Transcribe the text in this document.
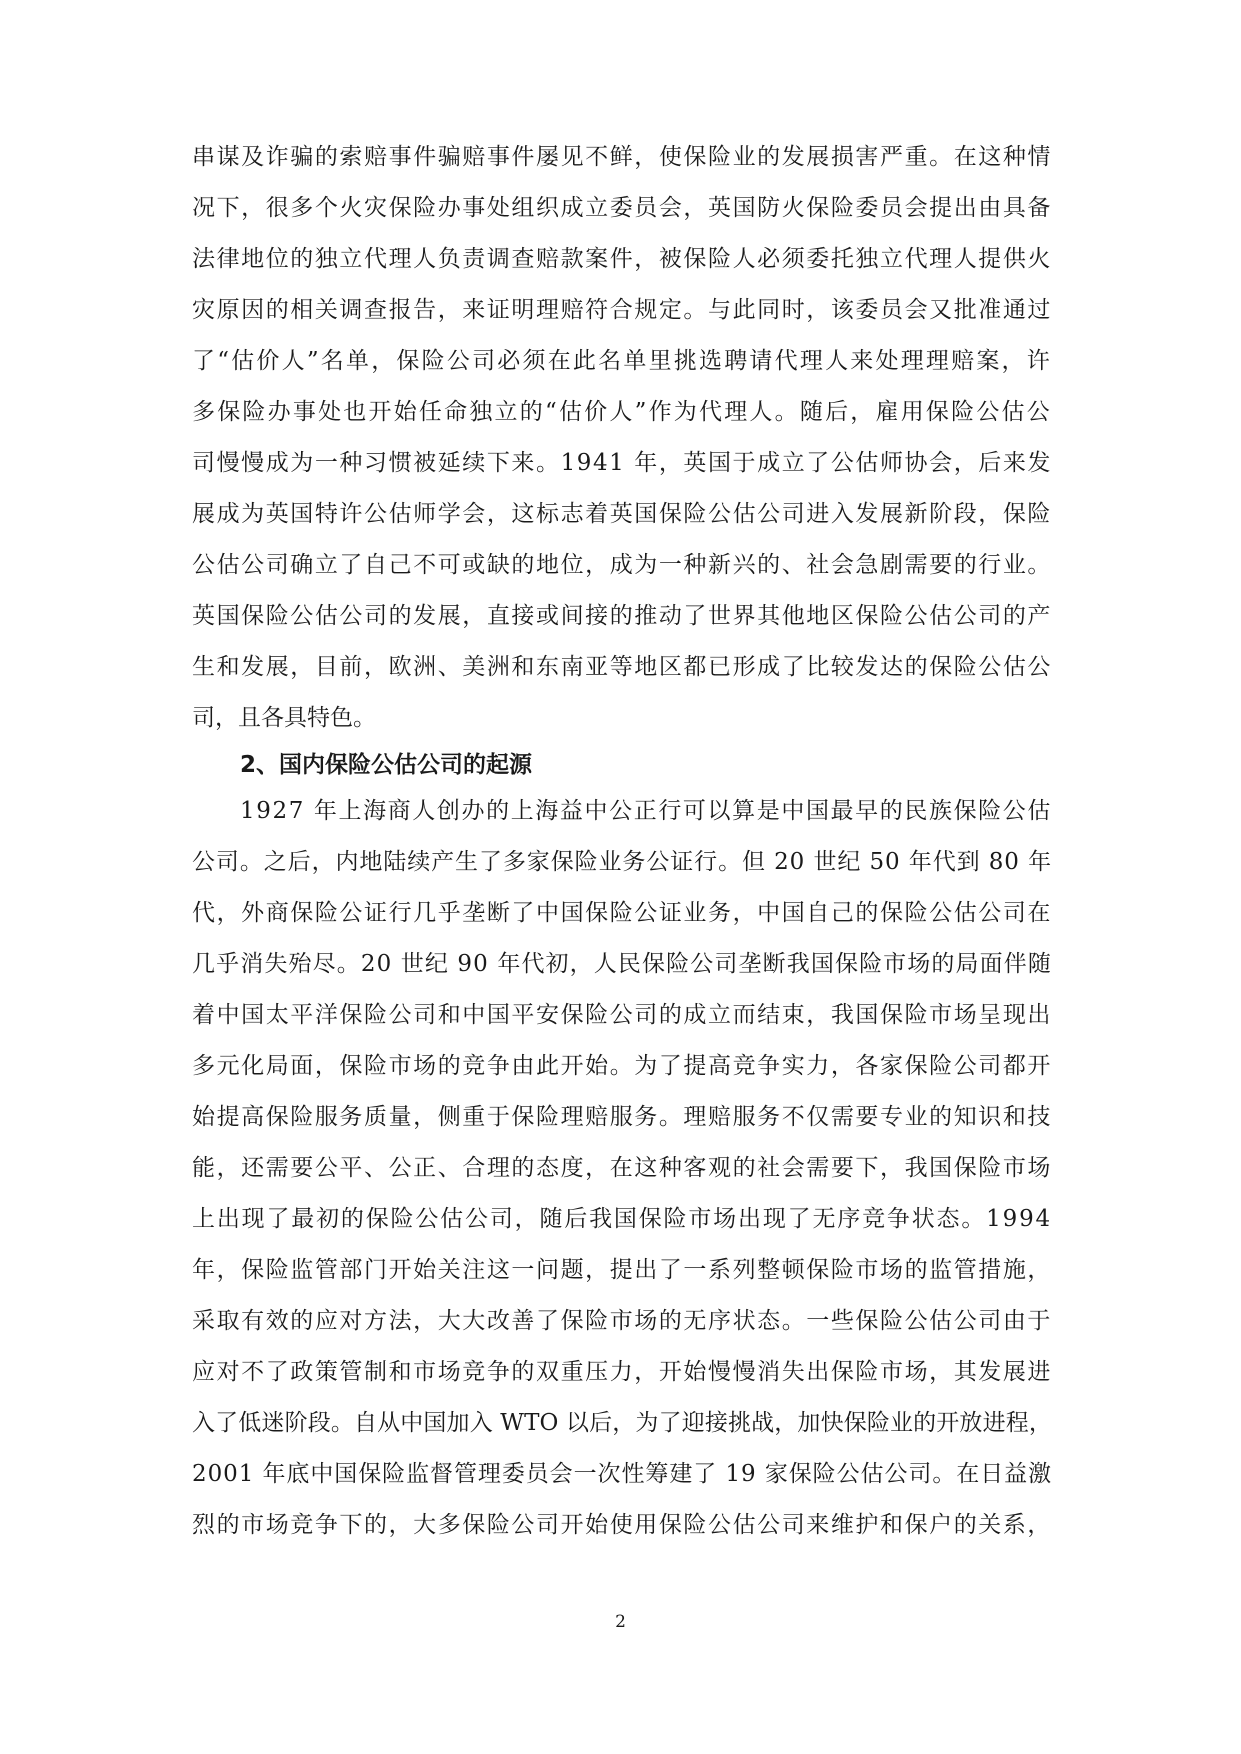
串谋及诈骗的索赔事件骗赔事件屡见不鲜，使保险业的发展损害严重。在这种情
况下，很多个火灾保险办事处组织成立委员会，英国防火保险委员会提出由具备
法律地位的独立代理人负责调查赔款案件，被保险人必须委托独立代理人提供火
灾原因的相关调查报告，来证明理赔符合规定。与此同时，该委员会又批准通过
了“估价人”名单，保险公司必须在此名单里挑选聘请代理人来处理理赔案，许
多保险办事处也开始任命独立的“估价人”作为代理人。随后，雇用保险公估公
司慢慢成为一种习惯被延续下来。1941 年，英国于成立了公估师协会，后来发
展成为英国特许公估师学会，这标志着英国保险公估公司进入发展新阶段，保险
公估公司确立了自己不可或缺的地位，成为一种新兴的、社会急剧需要的行业。
英国保险公估公司的发展，直接或间接的推动了世界其他地区保险公估公司的产
生和发展，目前，欧洲、美洲和东南亚等地区都已形成了比较发达的保险公估公
司，且各具特色。
2、国内保险公估公司的起源
1927 年上海商人创办的上海益中公正行可以算是中国最早的民族保险公估
公司。之后，内地陆续产生了多家保险业务公证行。但 20 世纪 50 年代到 80 年
代，外商保险公证行几乎垄断了中国保险公证业务，中国自己的保险公估公司在
几乎消失殆尽。20 世纪 90 年代初，人民保险公司垄断我国保险市场的局面伴随
着中国太平洋保险公司和中国平安保险公司的成立而结束，我国保险市场呈现出
多元化局面，保险市场的竞争由此开始。为了提高竞争实力，各家保险公司都开
始提高保险服务质量，侧重于保险理赔服务。理赔服务不仅需要专业的知识和技
能，还需要公平、公正、合理的态度，在这种客观的社会需要下，我国保险市场
上出现了最初的保险公估公司，随后我国保险市场出现了无序竞争状态。1994
年，保险监管部门开始关注这一问题，提出了一系列整顿保险市场的监管措施，
采取有效的应对方法，大大改善了保险市场的无序状态。一些保险公估公司由于
应对不了政策管制和市场竞争的双重压力，开始慢慢消失出保险市场，其发展进
入了低迷阶段。自从中国加入 WTO 以后，为了迎接挑战，加快保险业的开放进程，
2001 年底中国保险监督管理委员会一次性筹建了 19 家保险公估公司。在日益激
烈的市场竞争下的，大多保险公司开始使用保险公估公司来维护和保户的关系，
2
